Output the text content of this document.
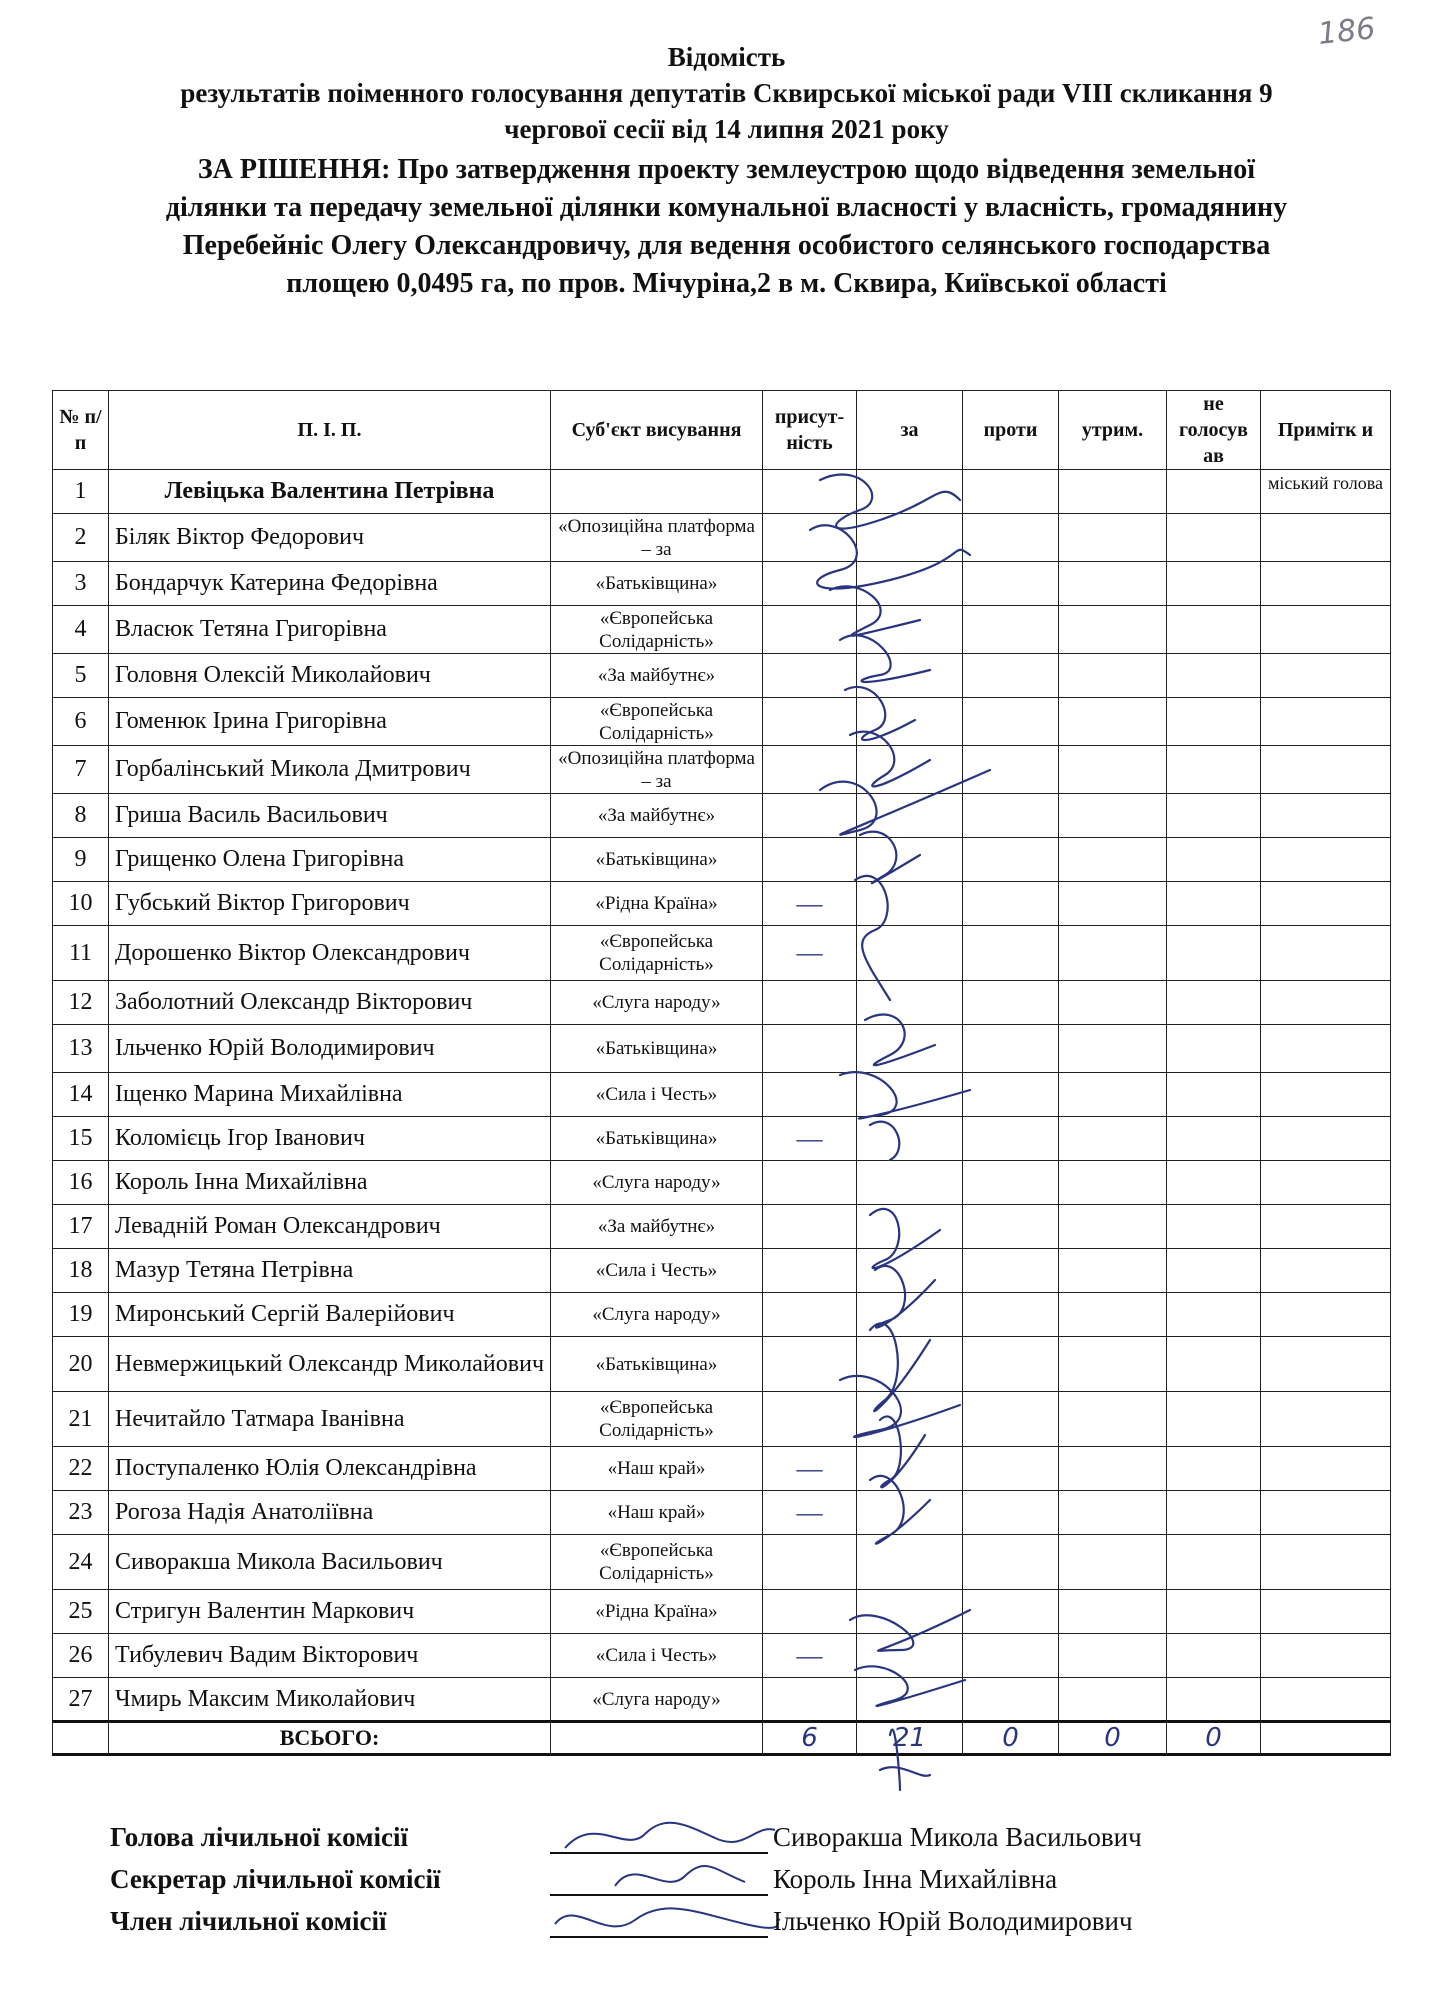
186
Відомість
результатів поіменного голосування депутатів Сквирської міської ради VIII скликання 9
чергової сесії від 14 липня 2021 року
ЗА РІШЕННЯ: Про затвердження проекту землеустрою щодо відведення земельної
ділянки та передачу земельної ділянки комунальної власності у власність, громадянину
Перебейніс Олегу Олександровичу, для ведення особистого селянського господарства
площею 0,0495 га, по пров. Мічуріна,2 в м. Сквира, Київської області
№ п/п	П. І. П.	Суб'єкт висування	присут-ність	за	проти	утрим.	не голосув ав	Примітк и
1	Левіцька Валентина Петрівна							міський голова
2	Біляк Віктор Федорович	«Опозиційна платформа – за						
3	Бондарчук Катерина Федорівна	«Батьківщина»						
4	Власюк Тетяна Григорівна	«Європейська Солідарність»						
5	Головня Олексій Миколайович	«За майбутнє»						
6	Гоменюк Ірина Григорівна	«Європейська Солідарність»						
7	Горбалінський Микола Дмитрович	«Опозиційна платформа – за						
8	Гриша Василь Васильович	«За майбутнє»						
9	Грищенко Олена Григорівна	«Батьківщина»						
10	Губський Віктор Григорович	«Рідна Країна»	—					
11	Дорошенко Віктор Олександрович	«Європейська Солідарність»	—					
12	Заболотний Олександр Вікторович	«Слуга народу»						
13	Ільченко Юрій Володимирович	«Батьківщина»						
14	Іщенко Марина Михайлівна	«Сила і Честь»						
15	Коломієць Ігор Іванович	«Батьківщина»	—					
16	Король Інна Михайлівна	«Слуга народу»						
17	Левадній Роман Олександрович	«За майбутнє»						
18	Мазур Тетяна Петрівна	«Сила і Честь»						
19	Миронський Сергій Валерійович	«Слуга народу»						
20	Невмержицький Олександр Миколайович	«Батьківщина»						
21	Нечитайло Татмара Іванівна	«Європейська Солідарність»						
22	Поступаленко Юлія Олександрівна	«Наш край»	—					
23	Рогоза Надія Анатоліївна	«Наш край»	—					
24	Сиворакша Микола Васильович	«Європейська Солідарність»						
25	Стригун Валентин Маркович	«Рідна Країна»						
26	Тибулевич Вадим Вікторович	«Сила і Честь»	—					
27	Чмирь Максим Миколайович	«Слуга народу»						
	ВСЬОГО:		6	21	0	0	0	

Голова лічильної комісії	Сиворакша Микола Васильович
Секретар лічильної комісії	Король Інна Михайлівна
Член лічильної комісії	Ільченко Юрій Володимирович
